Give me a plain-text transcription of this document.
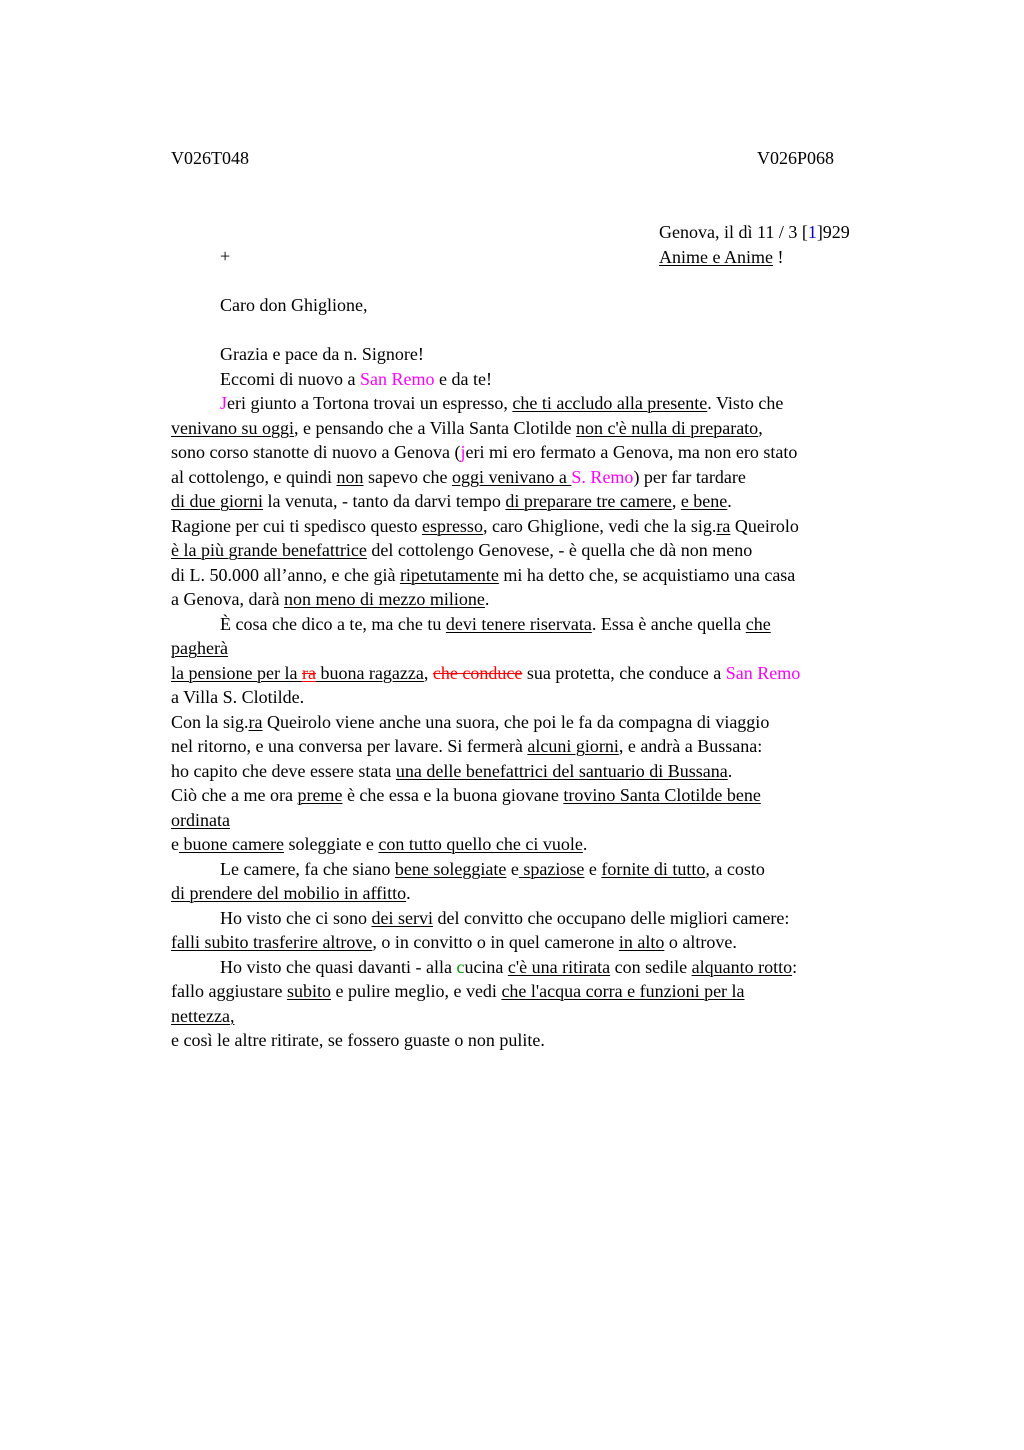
V026T048	V026P068
Genova, il dì 11 / 3 [1]929
Anime e Anime !
+
Caro don Ghiglione,
Grazia e pace da n. Signore!
Eccomi di nuovo a San Remo e da te!
Jeri giunto a Tortona trovai un espresso, che ti accludo alla presente. Visto che
venivano su oggi, e pensando che a Villa Santa Clotilde non c'è nulla di preparato,
sono corso stanotte di nuovo a Genova (jeri mi ero fermato a Genova, ma non ero stato
al cottolengo, e quindi non sapevo che oggi venivano a S. Remo) per far tardare
di due giorni la venuta, - tanto da darvi tempo di preparare tre camere, e bene.
Ragione per cui ti spedisco questo espresso, caro Ghiglione, vedi che la sig.ra Queirolo
è la più grande benefattrice del cottolengo Genovese, - è quella che dà non meno
di L. 50.000 all’anno, e che già ripetutamente mi ha detto che, se acquistiamo una casa
a Genova, darà non meno di mezzo milione.
È cosa che dico a te, ma che tu devi tenere riservata. Essa è anche quella che
pagherà
la pensione per la ra buona ragazza, che conduce sua protetta, che conduce a San Remo
a Villa S. Clotilde.
Con la sig.ra Queirolo viene anche una suora, che poi le fa da compagna di viaggio
nel ritorno, e una conversa per lavare. Si fermerà alcuni giorni, e andrà a Bussana:
ho capito che deve essere stata una delle benefattrici del santuario di Bussana.
Ciò che a me ora preme è che essa e la buona giovane trovino Santa Clotilde bene
ordinata
e buone camere soleggiate e con tutto quello che ci vuole.
Le camere, fa che siano bene soleggiate e spaziose e fornite di tutto, a costo
di prendere del mobilio in affitto.
Ho visto che ci sono dei servi del convitto che occupano delle migliori camere:
falli subito trasferire altrove, o in convitto o in quel camerone in alto o altrove.
Ho visto che quasi davanti - alla cucina c'è una ritirata con sedile alquanto rotto:
fallo aggiustare subito e pulire meglio, e vedi che l'acqua corra e funzioni per la
nettezza,
e così le altre ritirate, se fossero guaste o non pulite.
